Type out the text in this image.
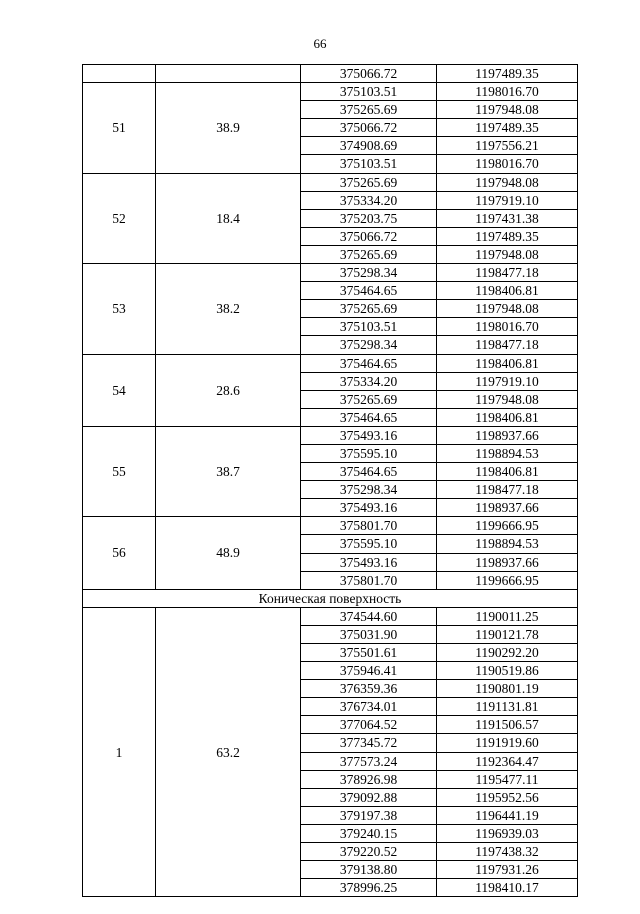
66
		375066.72	1197489.35
51	38.9	375103.51	1198016.70
		375265.69	1197948.08
		375066.72	1197489.35
		374908.69	1197556.21
		375103.51	1198016.70
52	18.4	375265.69	1197948.08
		375334.20	1197919.10
		375203.75	1197431.38
		375066.72	1197489.35
		375265.69	1197948.08
53	38.2	375298.34	1198477.18
		375464.65	1198406.81
		375265.69	1197948.08
		375103.51	1198016.70
		375298.34	1198477.18
54	28.6	375464.65	1198406.81
		375334.20	1197919.10
		375265.69	1197948.08
		375464.65	1198406.81
55	38.7	375493.16	1198937.66
		375595.10	1198894.53
		375464.65	1198406.81
		375298.34	1198477.18
		375493.16	1198937.66
56	48.9	375801.70	1199666.95
		375595.10	1198894.53
		375493.16	1198937.66
		375801.70	1199666.95
Коническая поверхность			
1	63.2	374544.60	1190011.25
		375031.90	1190121.78
		375501.61	1190292.20
		375946.41	1190519.86
		376359.36	1190801.19
		376734.01	1191131.81
		377064.52	1191506.57
		377345.72	1191919.60
		377573.24	1192364.47
		378926.98	1195477.11
		379092.88	1195952.56
		379197.38	1196441.19
		379240.15	1196939.03
		379220.52	1197438.32
		379138.80	1197931.26
		378996.25	1198410.17
